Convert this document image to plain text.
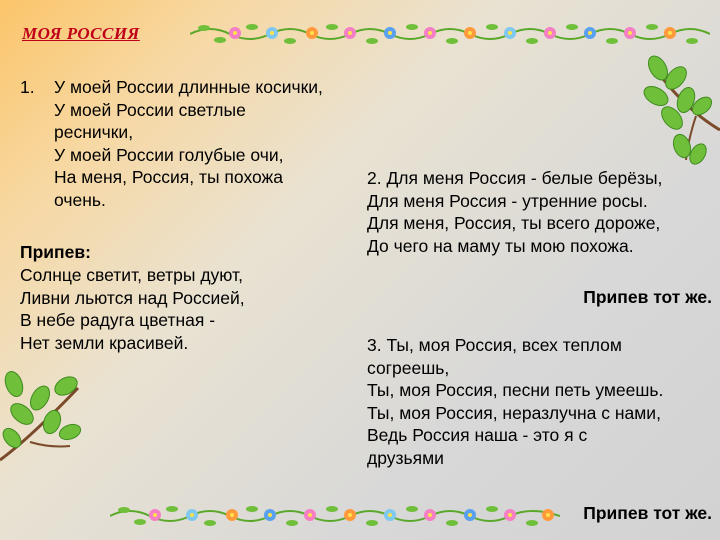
МОЯ РОССИЯ
1. У моей России длинные косички,
У моей России светлые
реснички,
У моей России голубые очи,
На меня, Россия, ты похожа
очень.
Припев:
Солнце светит, ветры дуют,
Ливни льются над Россией,
В небе радуга цветная -
Нет земли красивей.
2. Для меня Россия - белые берёзы,
Для меня Россия - утренние росы.
Для меня, Россия, ты всего дороже,
До чего на маму ты мою похожа.
Припев тот же.
3. Ты, моя Россия, всех теплом
согреешь,
Ты, моя Россия, песни петь умеешь.
Ты, моя Россия, неразлучна с нами,
Ведь Россия наша - это я с
друзьями
Припев тот же.
